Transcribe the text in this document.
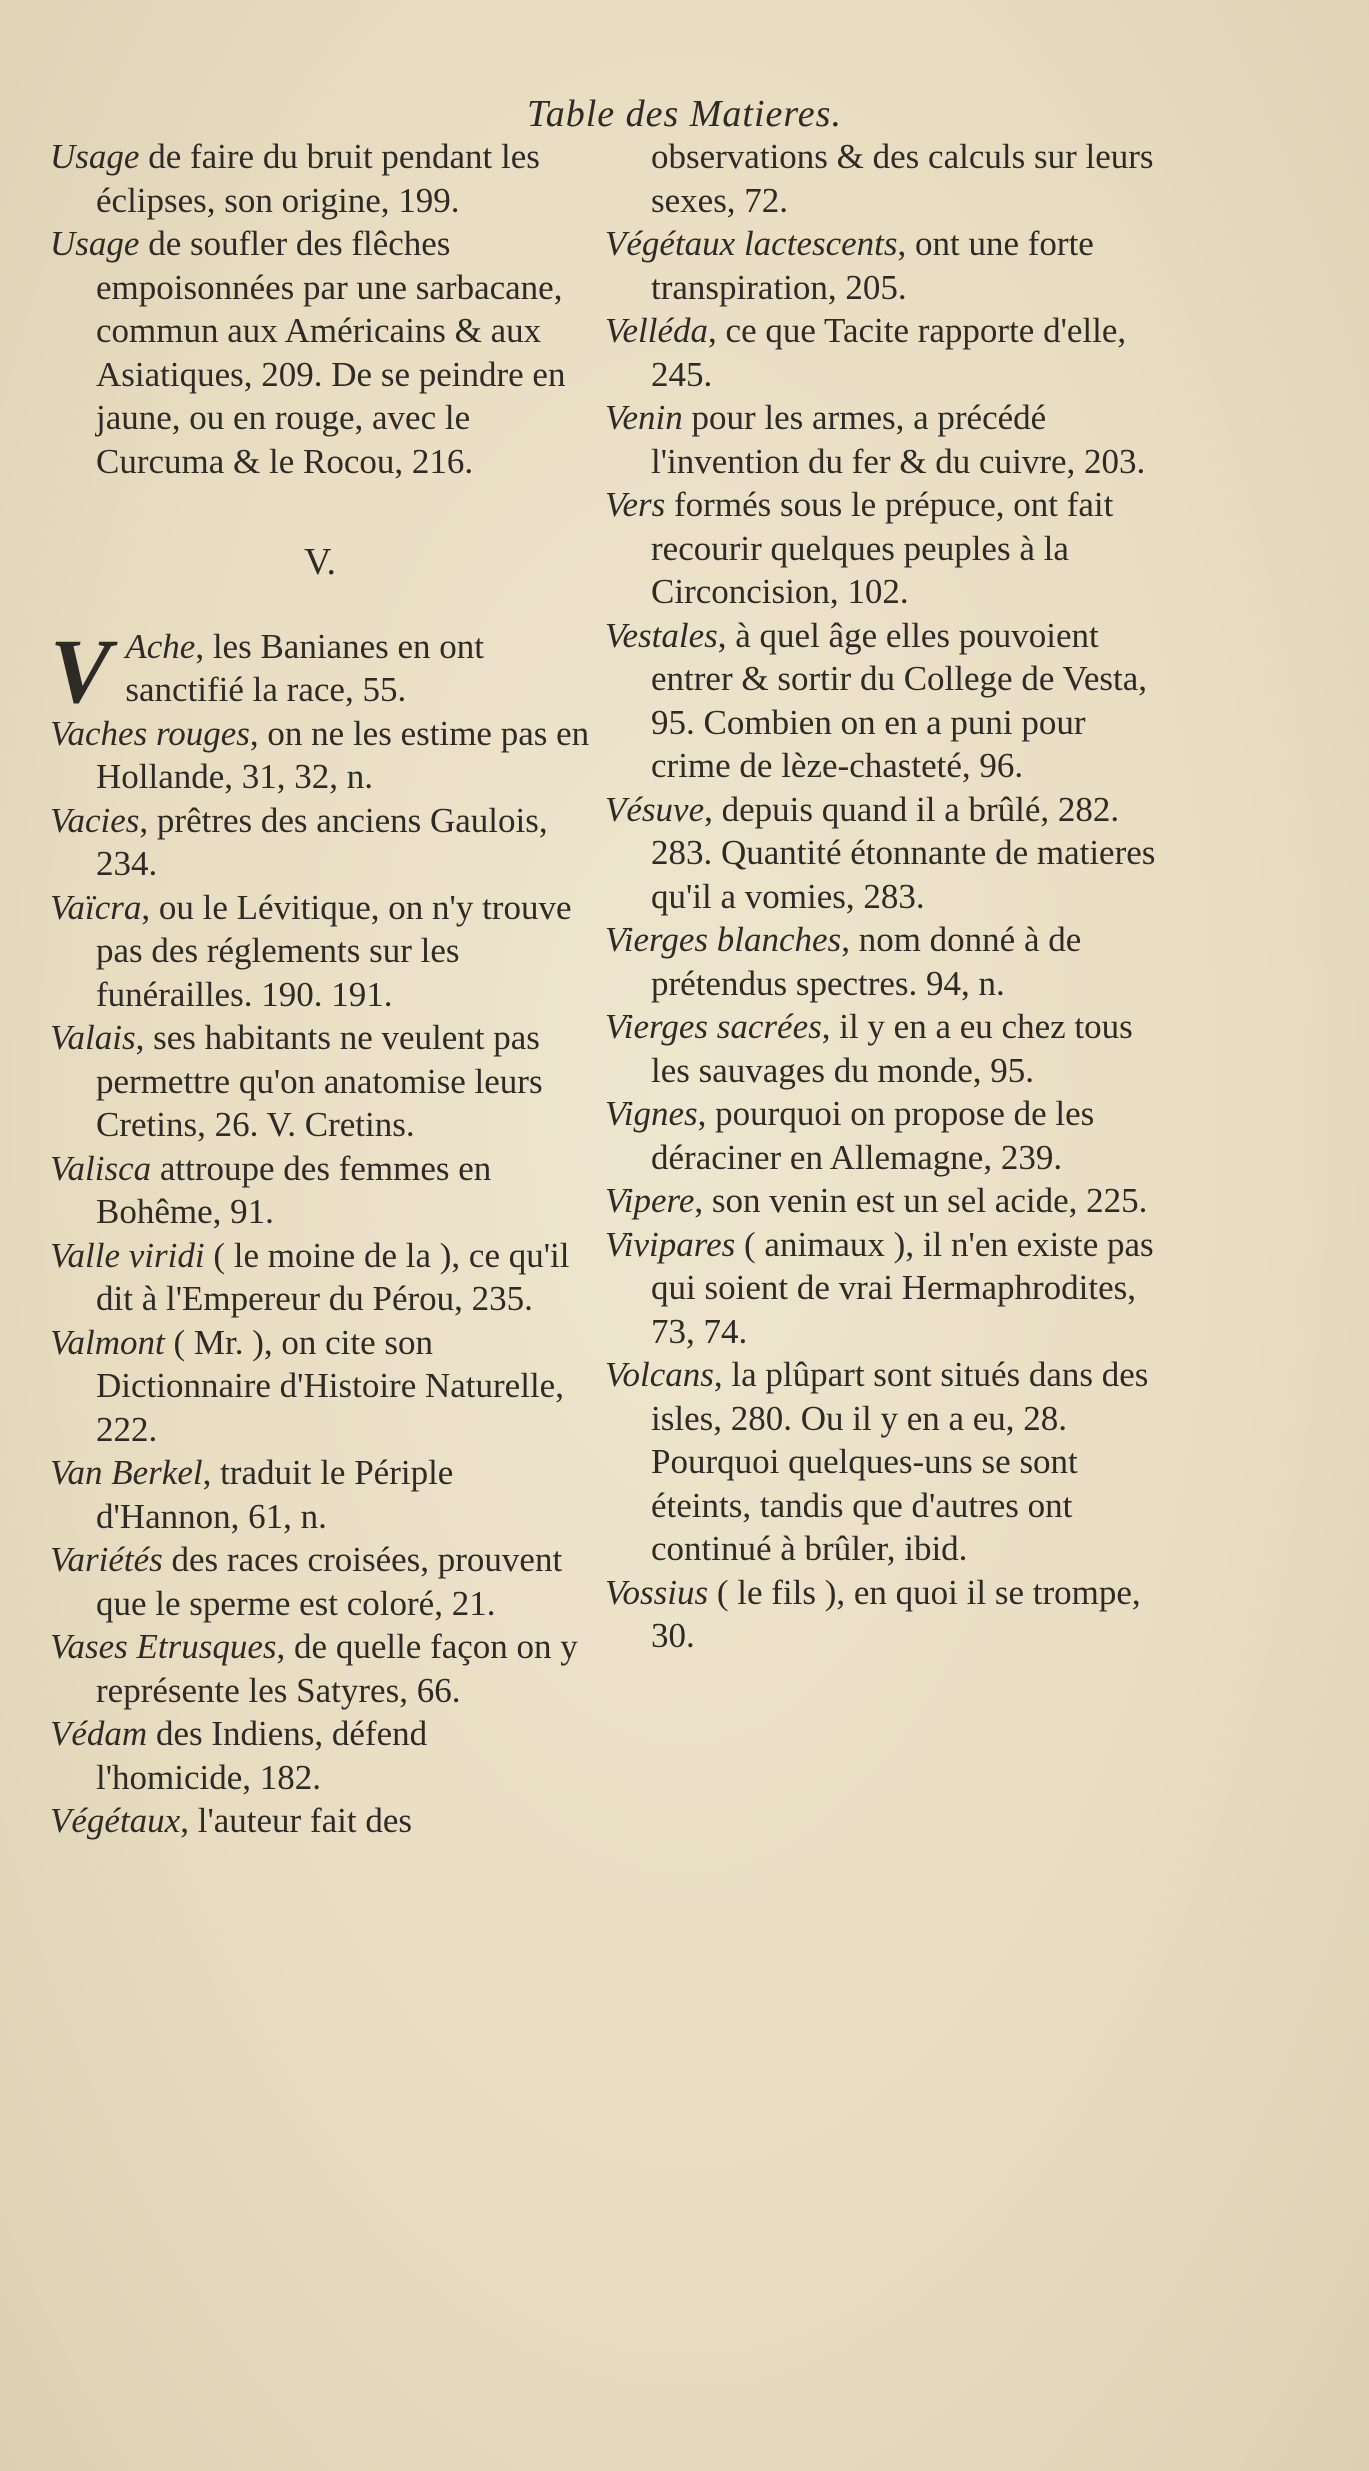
Table des Matieres.

Usage de faire du bruit pendant les éclipses, son origine, 199.

Usage de soufler des flêches empoisonnées par une sarbacane, commun aux Américains & aux Asiatiques, 209. De se peindre en jaune, ou en rouge, avec le Curcuma & le Rocou, 216.

V.

V Ache, les Banianes en ont sanctifié la race, 55.

Vaches rouges, on ne les estime pas en Hollande, 31, 32, n.

Vacies, prêtres des anciens Gaulois, 234.

Vaïcra, ou le Lévitique, on n'y trouve pas des réglements sur les funérailles. 190. 191.

Valais, ses habitants ne veulent pas permettre qu'on anatomise leurs Cretins, 26. V. Cretins.

Valisca attroupe des femmes en Bohême, 91.

Valle viridi ( le moine de la ), ce qu'il dit à l'Empereur du Pérou, 235.

Valmont ( Mr. ), on cite son Dictionnaire d'Histoire Naturelle, 222.

Van Berkel, traduit le Périple d'Hannon, 61, n.

Variétés des races croisées, prouvent que le sperme est coloré, 21.

Vases Etrusques, de quelle façon on y représente les Satyres, 66.

Védam des Indiens, défend l'homicide, 182.

Végétaux, l'auteur fait des

observations & des calculs sur leurs sexes, 72.

Végétaux lactescents, ont une forte transpiration, 205.

Velléda, ce que Tacite rapporte d'elle, 245.

Venin pour les armes, a précédé l'invention du fer & du cuivre, 203.

Vers formés sous le prépuce, ont fait recourir quelques peuples à la Circoncision, 102.

Vestales, à quel âge elles pouvoient entrer & sortir du College de Vesta, 95. Combien on en a puni pour crime de lèze-chasteté, 96.

Vésuve, depuis quand il a brûlé, 282. 283. Quantité étonnante de matieres qu'il a vomies, 283.

Vierges blanches, nom donné à de prétendus spectres. 94, n.

Vierges sacrées, il y en a eu chez tous les sauvages du monde, 95.

Vignes, pourquoi on propose de les déraciner en Allemagne, 239.

Vipere, son venin est un sel acide, 225.

Vivipares ( animaux ), il n'en existe pas qui soient de vrai Hermaphrodites, 73, 74.

Volcans, la plûpart sont situés dans des isles, 280. Ou il y en a eu, 28. Pourquoi quelques-uns se sont éteints, tandis que d'autres ont continué à brûler, ibid.

Vossius ( le fils ), en quoi il se trompe, 30.
